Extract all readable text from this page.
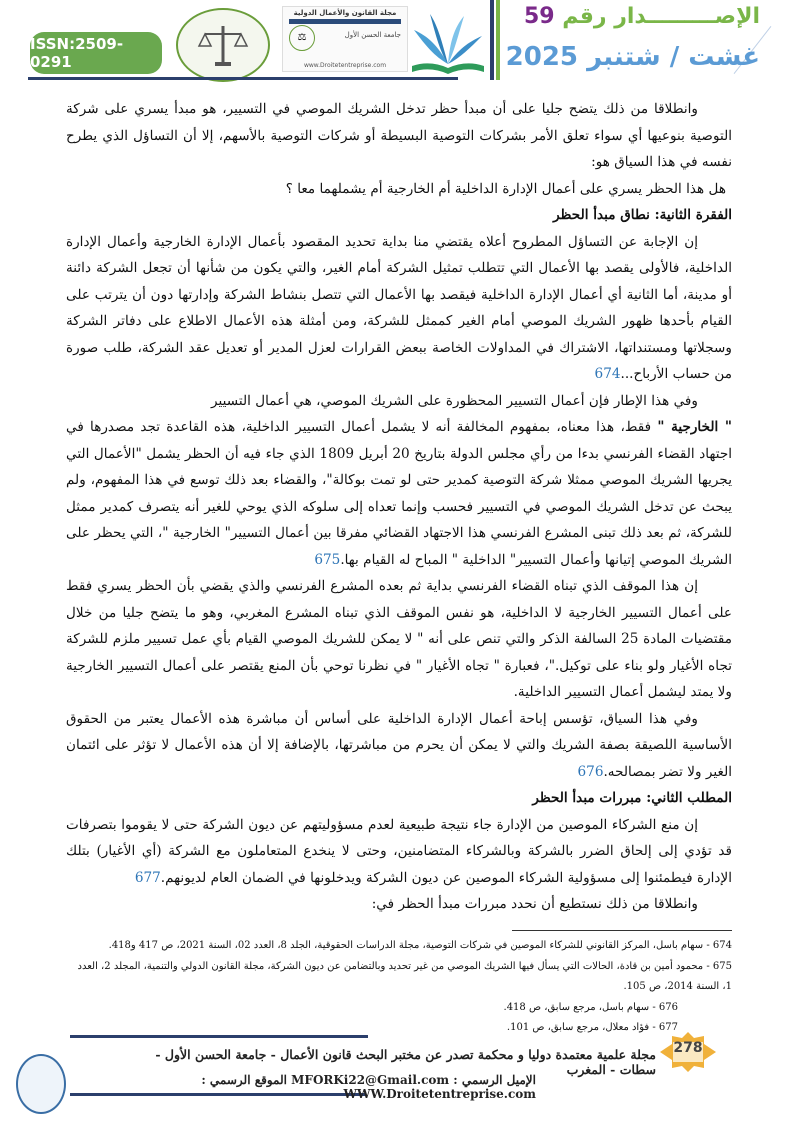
ISSN:2509-0291
مجلة القانون والأعمال الدولية
⚖	جامعة الحسن الأول
www.Droitetentreprise.com
الإصـــــــــدار رقم 59
غشت / شتنبر 2025

وانطلاقا من ذلك يتضح جليا على أن مبدأ حظر تدخل الشريك الموصي في التسيير، هو مبدأ يسري على شركة التوصية بنوعيها أي سواء تعلق الأمر بشركات التوصية البسيطة أو شركات التوصية بالأسهم، إلا أن التساؤل الذي يطرح نفسه في هذا السياق هو:

هل هذا الحظر يسري على أعمال الإدارة الداخلية أم الخارجية أم يشملهما معا ؟

الفقرة الثانية: نطاق مبدأ الحظر

إن الإجابة عن التساؤل المطروح أعلاه يقتضي منا بداية تحديد المقصود بأعمال الإدارة الخارجية وأعمال الإدارة الداخلية، فالأولى يقصد بها الأعمال التي تتطلب تمثيل الشركة أمام الغير، والتي يكون من شأنها أن تجعل الشركة دائنة أو مدينة، أما الثانية أي أعمال الإدارة الداخلية فيقصد بها الأعمال التي تتصل بنشاط الشركة وإدارتها دون أن يترتب على القيام بأحدها ظهور الشريك الموصي أمام الغير كممثل للشركة، ومن أمثلة هذه الأعمال الاطلاع على دفاتر الشركة وسجلاتها ومستنداتها، الاشتراك في المداولات الخاصة ببعض القرارات لعزل المدير أو تعديل عقد الشركة، طلب صورة من حساب الأرباح...674

وفي هذا الإطار فإن أعمال التسيير المحظورة على الشريك الموصي، هي أعمال التسيير

" الخارجية " فقط، هذا معناه، بمفهوم المخالفة أنه لا يشمل أعمال التسيير الداخلية، هذه القاعدة تجد مصدرها في اجتهاد القضاء الفرنسي بدءا من رأي مجلس الدولة بتاريخ 20 أبريل 1809 الذي جاء فيه أن الحظر يشمل "الأعمال التي يجريها الشريك الموصي ممثلا شركة التوصية كمدير حتى لو تمت بوكالة"، والقضاء بعد ذلك توسع في هذا المفهوم، ولم يبحث عن تدخل الشريك الموصي في التسيير فحسب وإنما تعداه إلى سلوكه الذي يوحي للغير أنه يتصرف كمدير ممثل للشركة، ثم بعد ذلك تبنى المشرع الفرنسي هذا الاجتهاد القضائي مفرقا بين أعمال التسيير" الخارجية "، التي يحظر على الشريك الموصي إتيانها وأعمال التسيير" الداخلية " المباح له القيام بها.675

إن هذا الموقف الذي تبناه القضاء الفرنسي بداية ثم بعده المشرع الفرنسي والذي يقضي بأن الحظر يسري فقط على أعمال التسيير الخارجية لا الداخلية، هو نفس الموقف الذي تبناه المشرع المغربي، وهو ما يتضح جليا من خلال مقتضيات المادة 25 السالفة الذكر والتي تنص على أنه " لا يمكن للشريك الموصي القيام بأي عمل تسيير ملزم للشركة تجاه الأغيار ولو بناء على توكيل."، فعبارة " تجاه الأغيار " في نظرنا توحي بأن المنع يقتصر على أعمال التسيير الخارجية ولا يمتد ليشمل أعمال التسيير الداخلية.

وفي هذا السياق، تؤسس إباحة أعمال الإدارة الداخلية على أساس أن مباشرة هذه الأعمال يعتبر من الحقوق الأساسية اللصيقة بصفة الشريك والتي لا يمكن أن يحرم من مباشرتها، بالإضافة إلا أن هذه الأعمال لا تؤثر على ائتمان الغير ولا تضر بمصالحه.676

المطلب الثاني: مبررات مبدأ الحظر

إن منع الشركاء الموصين من الإدارة جاء نتيجة طبيعية لعدم مسؤوليتهم عن ديون الشركة حتى لا يقوموا بتصرفات قد تؤدي إلى إلحاق الضرر بالشركة وبالشركاء المتضامنين، وحتى لا ينخدع المتعاملون مع الشركة (أي الأغيار) بتلك الإدارة فيطمئنوا إلى مسؤولية الشركاء الموصين عن ديون الشركة ويدخلونها في الضمان العام لديونهم.677

وانطلاقا من ذلك نستطيع أن نحدد مبررات مبدأ الحظر في:

674 - سهام باسل، المركز القانوني للشركاء الموصين في شركات التوصية، مجلة الدراسات الحقوقية، الجلد 8، العدد 02، السنة 2021، ص 417 و418.

675 - محمود أمين بن قادة، الحالات التي يسأل فيها الشريك الموصي من غير تحديد وبالتضامن عن ديون الشركة، مجلة القانون الدولي والتنمية، المجلد 2، العدد 1، السنة 2014، ص 105.

676 - سهام باسل، مرجع سابق، ص 418.

677 - فؤاد معلال، مرجع سابق، ص 101.

مجلة علمية معتمدة دوليا و محكمة تصدر عن مختبر البحث قانون الأعمال - جامعة الحسن الأول - سطات - المغرب
الإميل الرسمي : MFORKi22@Gmail.com الموقع الرسمي : WWW.Droitetentreprise.com
278
